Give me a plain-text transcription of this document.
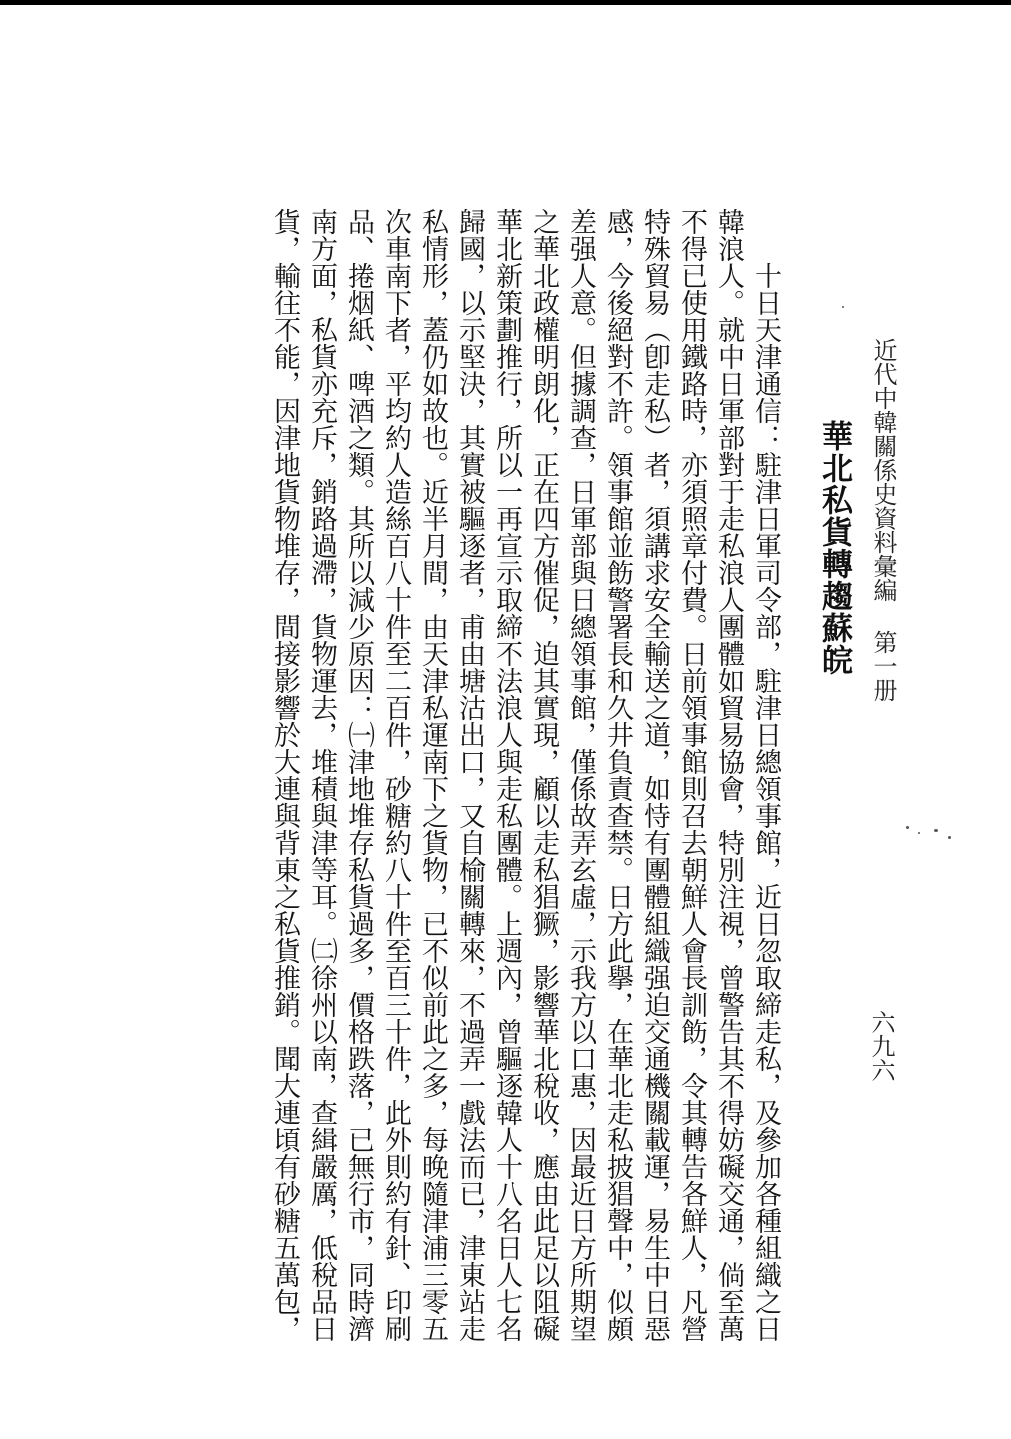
近代中韓關係史資料彙編 第一册
六九六
華北私貨轉趨蘇皖
十日天津通信：駐津日軍司令部，駐津日總領事館，近日忽取締走私，及參加各種組織之日
韓浪人。就中日軍部對于走私浪人團體如貿易協會，特別注視，曾警告其不得妨礙交通，倘至萬
不得已使用鐵路時，亦須照章付費。日前領事館則召去朝鮮人會長訓飭，令其轉告各鮮人，凡營
特殊貿易（卽走私）者，須講求安全輸送之道，如恃有團體組織强迫交通機關載運，易生中日惡
感，今後絕對不許。領事館並飭警署長和久井負責查禁。日方此擧，在華北走私披猖聲中，似頗
差强人意。但據調查，日軍部與日總領事館，僅係故弄玄虛，示我方以口惠，因最近日方所期望
之華北政權明朗化，正在四方催促，迫其實現，顧以走私猖獗，影響華北稅收，應由此足以阻礙
華北新策劃推行，所以一再宣示取締不法浪人與走私團體。上週內，曾驅逐韓人十八名日人七名
歸國，以示堅決，其實被驅逐者，甫由塘沽出口，又自榆關轉來，不過弄一戲法而已，津東站走
私情形，蓋仍如故也。近半月間，由天津私運南下之貨物，已不似前此之多，每晚隨津浦三零五
次車南下者，平均約人造絲百八十件至二百件，砂糖約八十件至百三十件，此外則約有針、印刷
品、捲烟紙、啤酒之類。其所以減少原因：㈠津地堆存私貨過多，價格跌落，已無行市，同時濟
南方面，私貨亦充斥，銷路過滯，貨物運去，堆積與津等耳。㈡徐州以南，查緝嚴厲，低稅品日
貨，輸往不能，因津地貨物堆存，間接影響於大連與背東之私貨推銷。聞大連頃有砂糖五萬包，
